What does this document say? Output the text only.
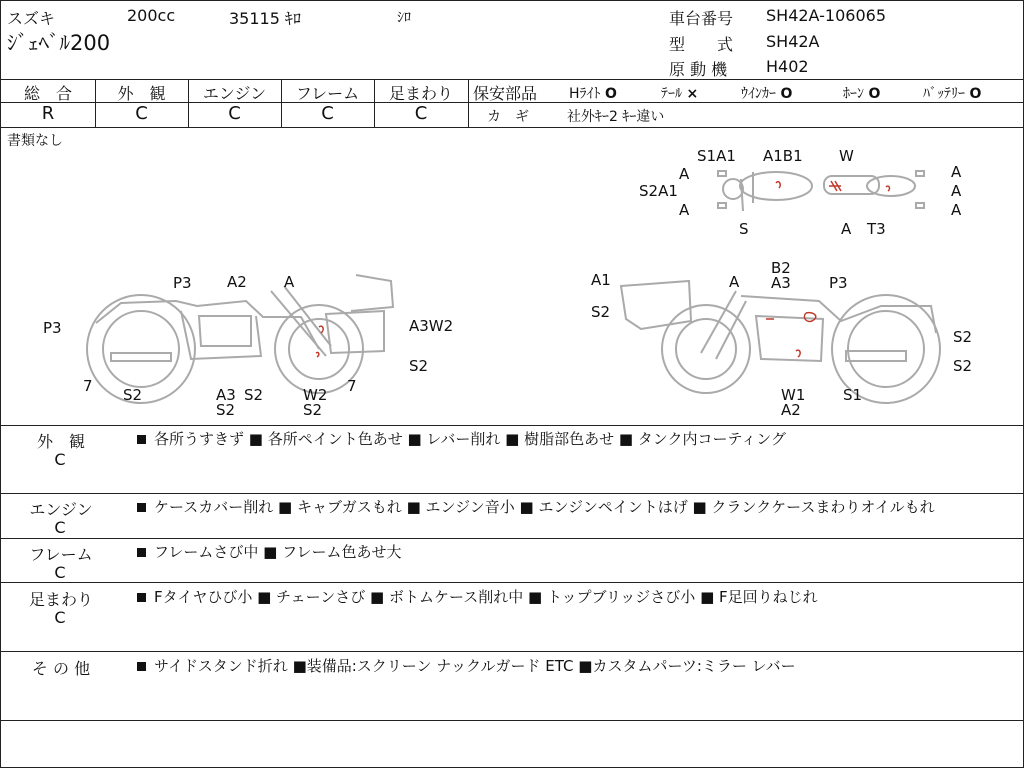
スズキ	200cc	35115 ｷﾛ	ｼﾛ
ｼﾞｪﾍﾞﾙ200
車台番号 SH42A-106065
型　　式 SH42A
原 動 機 H402
総　合	外　観	エンジン	フレーム	足まわり
R	C	C	C	C
保安部品 Hﾗｲﾄ O	ﾃｰﾙ ×	ｳｲﾝｶｰ O	ﾎｰﾝ O	ﾊﾞｯﾃﾘｰ O
カ　ギ	社外ｷｰ2 ｷｰ違い
書類なし
S1A1 A1B1 W
A
S2A1
A
S	A T3
A
A
A
P3 A2 A
P3	A3W2
S2
7	7
S2	A3 S2	W2
S2	S2
A1	A
B2
A3	P3
S2
S2
S2
W1	S1
A2
外　観
C
各所うすきず ■ 各所ペイント色あせ ■ レバー削れ ■ 樹脂部色あせ ■ タンク内コーティング
エンジン
C
ケースカバー削れ ■ キャブガスもれ ■ エンジン音小 ■ エンジンペイントはげ ■ クランクケースまわりオイルもれ
フレーム
C
フレームさび中 ■ フレーム色あせ大
足まわり
C
Fタイヤひび小 ■ チェーンさび ■ ボトムケース削れ中 ■ トップブリッジさび小 ■ F足回りねじれ
そ の 他	サイドスタンド折れ ■装備品:スクリーン ナックルガード ETC ■カスタムパーツ:ミラー レバー
